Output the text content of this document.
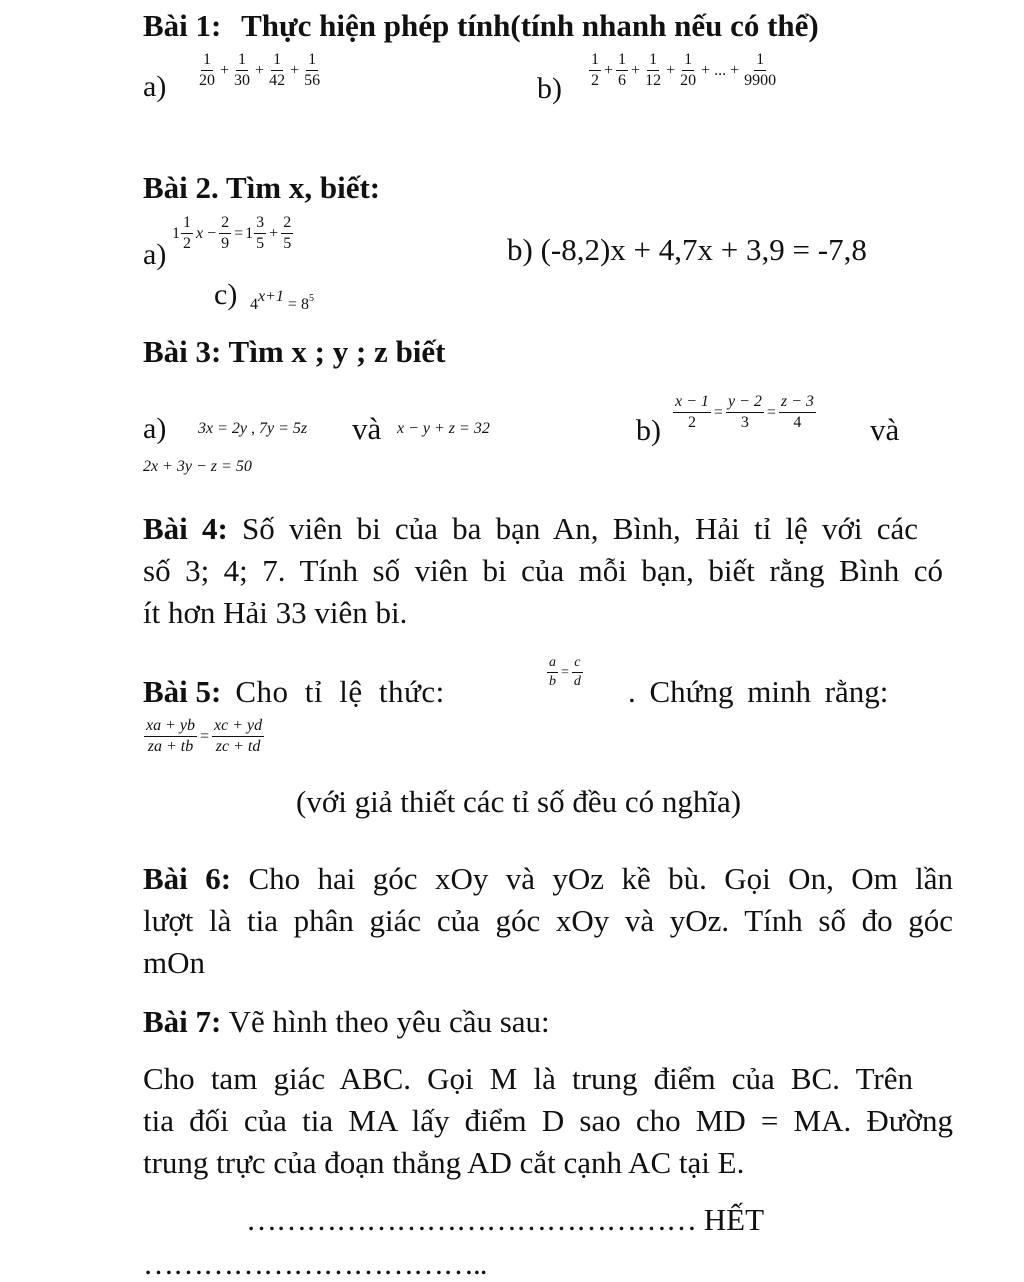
Bài 1: Thực hiện phép tính(tính nhanh nếu có thể)
$a) \frac{1}{20} + \frac{1}{30} + \frac{1}{42} + \frac{1}{56}$	$b) \frac{1}{2} + \frac{1}{6} + \frac{1}{12} + \frac{1}{20}$ + ... + $\frac{1}{9900}$
Bài 2. Tìm x, biết:
a)
$1 \frac{1}{2}$ $x - \frac{2}{9} = 1 \frac{3}{5} + \frac{2}{5}$	b) (-8,2)x + 4,7x + 3,9 = -7,8
c) $4^{x+1} = 8^5$
Bài 3: Tìm x ; y ; z biết
a) 3x = 2y , 7y = 5z và x − y + z = 32
2x + 3y − z = 50
$b) \frac{x - 1}{2} = \frac{y - 2}{3} = \frac{z - 3}{4}$ và
Bài 4: Số viên bi của ba bạn An, Bình, Hải tỉ lệ với các
số 3; 4; 7. Tính số viên bi của mỗi bạn, biết rằng Bình có
ít hơn Hải 33 viên bi.
Bài 5: Cho tỉ lệ thức:
$\frac{a}{b} = \frac{c}{d}$
. Chứng minh rằng:
$\frac{xa + yb}{za + tb} = \frac{xc + yd}{zc + td}$
(với giả thiết các tỉ số đều có nghĩa)
Bài 6: Cho hai góc xOy và yOz kề bù. Gọi On, Om lần
lượt là tia phân giác của góc xOy và yOz. Tính số đo góc
mOn
Bài 7: Vẽ hình theo yêu cầu sau:
Cho tam giác ABC. Gọi M là trung điểm của BC. Trên
tia đối của tia MA lấy điểm D sao cho MD = MA. Đường
trung trực của đoạn thẳng AD cắt cạnh AC tại E.
……………………………………… HẾT
……………………………..
